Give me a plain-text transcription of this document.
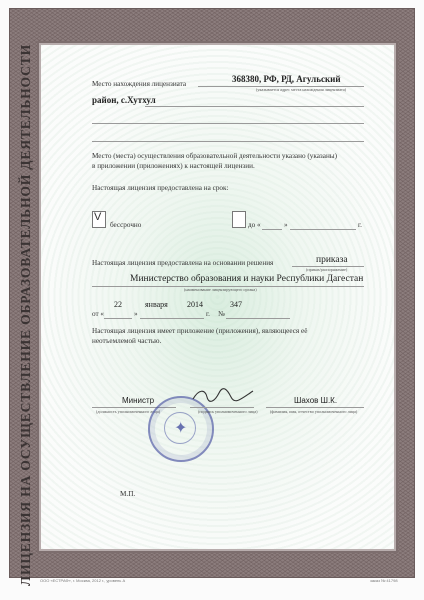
ЛИЦЕНЗИЯ НА ОСУЩЕСТВЛЕНИЕ ОБРАЗОВАТЕЛЬНОЙ ДЕЯТЕЛЬНОСТИ	Место нахождения лицензиата	368380, РФ, РД, Агульский
(указывается адрес места нахождения лицензиата)
район, с.Хутхул
Место (места) осуществления образовательной деятельности указано (указаны)
в приложении (приложениях) к настоящей лицензии.
Настоящая лицензия предоставлена на срок:
V
бессрочно	до «	»	г.
Настоящая лицензия предоставлена на основании решения	приказа
(приказ/распоряжение)
Министерство образования и науки Республики Дагестан
(наименование лицензирующего органа)
от «
22
»
января 2014
г. №
347
Настоящая лицензия имеет приложение (приложения), являющееся её
неотъемлемой частью.
Министр
(должность уполномоченного лица)
✦
(подпись уполномоченного лица)
Шахов Ш.К.
(фамилия, имя, отчество уполномоченного лица)
М.П.
ООО «ЕСТРАФ», г. Москва, 2012 г., уровень А	заказ № 41798
